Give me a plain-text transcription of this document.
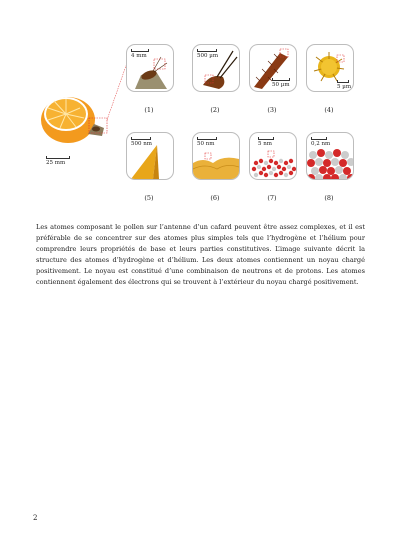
25 mm
4 mm
(1)
500 µm
(2)
50 µm
(3)
5 µm
(4)
500 nm
(5)
50 nm
(6)
5 nm
(7)
0,2 nm
(8)

Les atomes composant le pollen sur l’antenne d’un cafard peuvent être assez complexes, et il est préférable de se concentrer sur des atomes plus simples tels que l’hydrogène et l’hélium pour comprendre leurs propriétés de base et leurs parties constitutives. L’image suivante décrit la structure des atomes d’hydrogène et d’hélium. Les deux atomes contiennent un noyau chargé positivement. Le noyau est constitué d’une combinaison de neutrons et de protons. Les atomes contiennent également des électrons qui se trouvent à l’extérieur du noyau chargé positivement.

2
